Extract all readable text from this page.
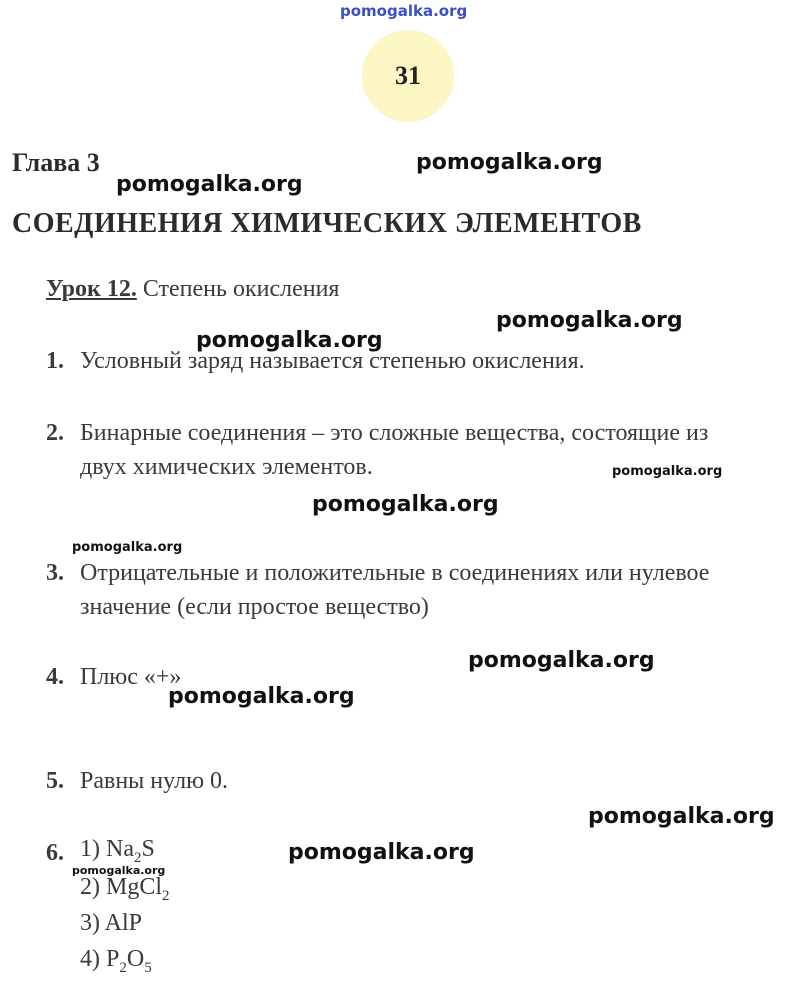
pomogalka.org
pomogalka.org
pomogalka.org
pomogalka.org
pomogalka.org
pomogalka.org
pomogalka.org
pomogalka.org
pomogalka.org
pomogalka.org
pomogalka.org
pomogalka.org
pomogalka.org
31
Глава 3
СОЕДИНЕНИЯ ХИМИЧЕСКИХ ЭЛЕМЕНТОВ
Урок 12. Степень окисления
1. Условный заряд называется степенью окисления.
2. Бинарные соединения – это сложные вещества, состоящие из
двух химических элементов.
3. Отрицательные и положительные в соединениях или нулевое
значение (если простое вещество)
4. Плюс «+»
5. Равны нулю 0.
6. 1) $Na_2S$
2) MgCl$_2$
3) AlP
4) $P_2O_5$
